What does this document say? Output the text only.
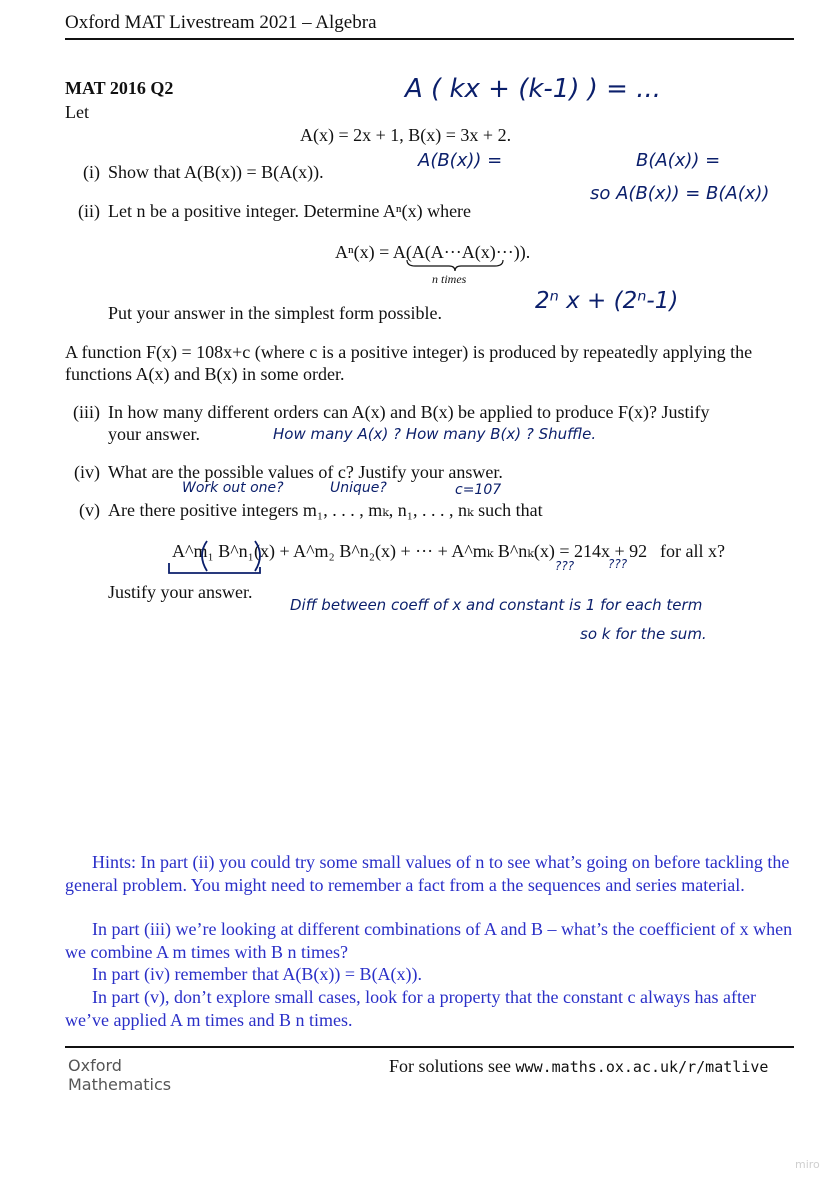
Oxford MAT Livestream 2021 – Algebra
MAT 2016 Q2
Let
A(x) = 2x + 1, B(x) = 3x + 2.
(i) Show that A(B(x)) = B(A(x)).
(ii) Let n be a positive integer. Determine Aⁿ(x) where
Aⁿ(x) = A(A(A···A(x)···)).
n times
Put your answer in the simplest form possible.
A function F(x) = 108x+c (where c is a positive integer) is produced by repeatedly applying the functions A(x) and B(x) in some order.
(iii) In how many different orders can A(x) and B(x) be applied to produce F(x)? Justify
your answer.
(iv) What are the possible values of c? Justify your answer.
(v) Are there positive integers m₁, . . . , mₖ, n₁, . . . , nₖ such that
A^m₁ B^n₁(x) + A^m₂ B^n₂(x) + ··· + A^mₖ B^nₖ(x) = 214x + 92 for all x?
Justify your answer.
A ( kx + (k-1) ) = ...
A(B(x)) =	B(A(x)) =
so A(B(x)) = B(A(x))
2ⁿ x + (2ⁿ-1)
How many A(x) ? How many B(x) ? Shuffle.
Work out one?	Unique?	c=107
???	???
Diff between coeff of x and constant is 1 for each term
so k for the sum.
Hints: In part (ii) you could try some small values of n to see what’s going on before tackling the general problem. You might need to remember a fact from a the sequences and series material.
In part (iii) we’re looking at different combinations of A and B – what’s the coefficient of x when we combine A m times with B n times?
In part (iv) remember that A(B(x)) = B(A(x)).
In part (v), don’t explore small cases, look for a property that the constant c always has after we’ve applied A m times and B n times.
Oxford
Mathematics
For solutions see www.maths.ox.ac.uk/r/matlive
miro
